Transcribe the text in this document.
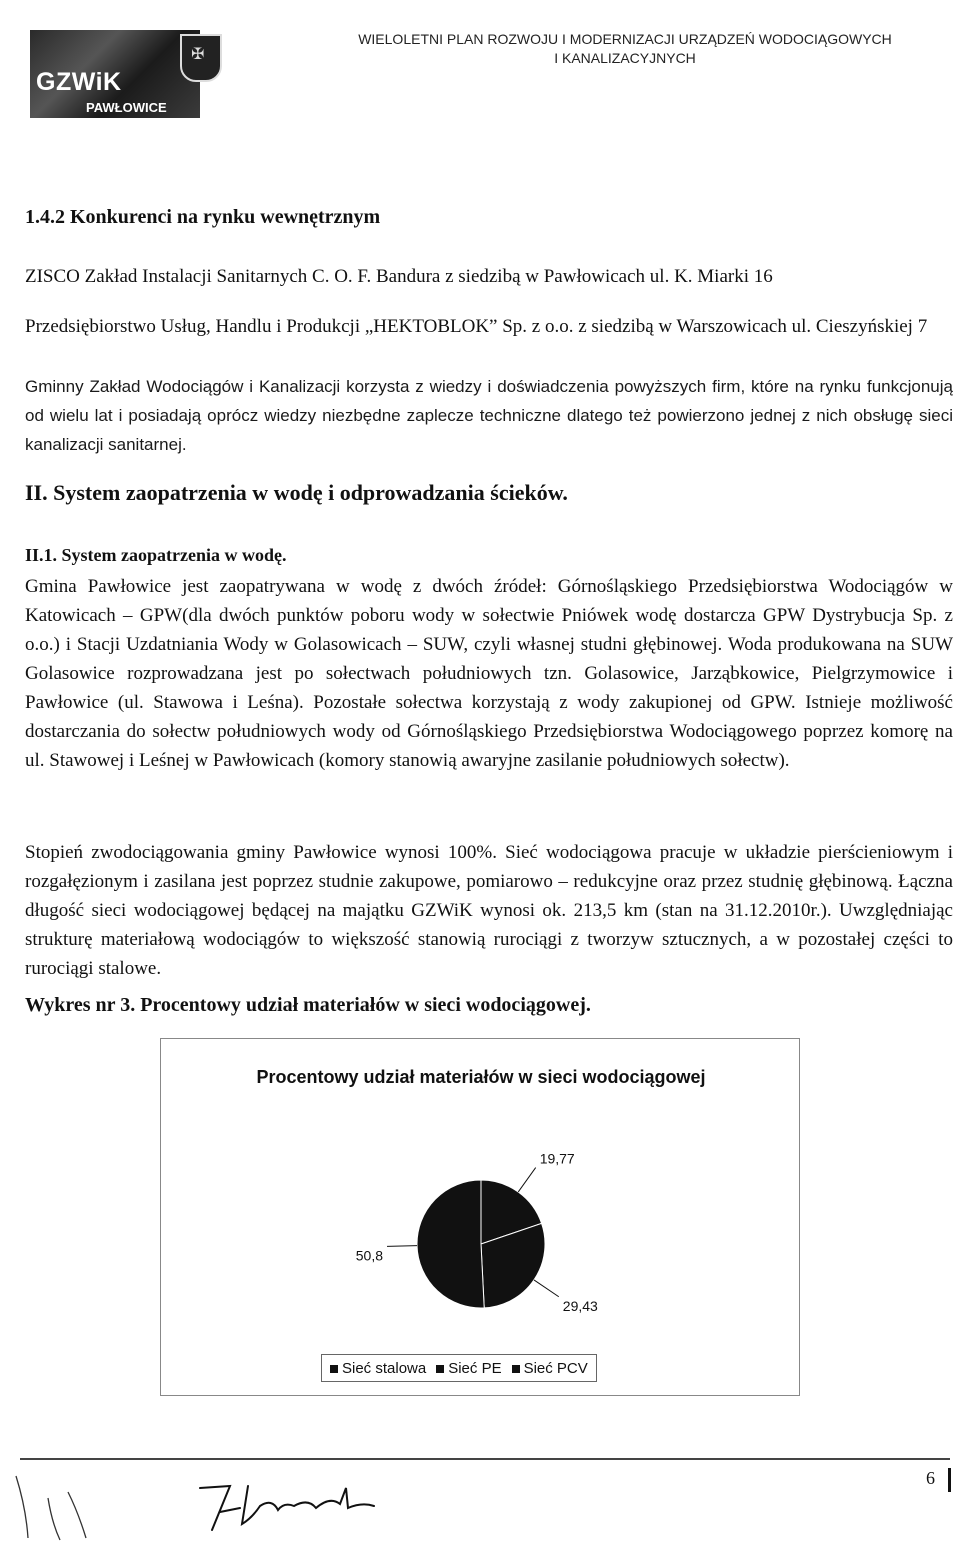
✠
GZWiK
PAWŁOWICE
WIELOLETNI PLAN ROZWOJU I MODERNIZACJI URZĄDZEŃ WODOCIĄGOWYCH
I KANALIZACYJNYCH
1.4.2 Konkurenci na rynku wewnętrznym
ZISCO Zakład Instalacji Sanitarnych C. O. F. Bandura z siedzibą w Pawłowicach ul. K. Miarki 16
Przedsiębiorstwo Usług, Handlu i Produkcji „HEKTOBLOK” Sp. z o.o. z siedzibą w Warszowicach ul. Cieszyńskiej 7
Gminny Zakład Wodociągów i Kanalizacji korzysta z wiedzy i doświadczenia powyższych firm, które na rynku funkcjonują od wielu lat i posiadają oprócz wiedzy niezbędne zaplecze techniczne dlatego też powierzono jednej z nich obsługę sieci kanalizacji sanitarnej.
II. System zaopatrzenia w wodę i odprowadzania ścieków.
II.1. System zaopatrzenia w wodę.
Gmina Pawłowice jest zaopatrywana w wodę z dwóch źródeł: Górnośląskiego Przedsiębiorstwa Wodociągów w Katowicach – GPW(dla dwóch punktów poboru wody w sołectwie Pniówek wodę dostarcza GPW Dystrybucja Sp. z o.o.) i Stacji Uzdatniania Wody w Golasowicach – SUW, czyli własnej studni głębinowej. Woda produkowana na SUW Golasowice rozprowadzana jest po sołectwach południowych tzn. Golasowice, Jarząbkowice, Pielgrzymowice i Pawłowice (ul. Stawowa i Leśna). Pozostałe sołectwa korzystają z wody zakupionej od GPW. Istnieje możliwość dostarczania do sołectw południowych wody od Górnośląskiego Przedsiębiorstwa Wodociągowego poprzez komorę na ul. Stawowej i Leśnej w Pawłowicach (komory stanowią awaryjne zasilanie południowych sołectw).
Stopień zwodociągowania gminy Pawłowice wynosi 100%. Sieć wodociągowa pracuje w układzie pierścieniowym i rozgałęzionym i zasilana jest poprzez studnie zakupowe, pomiarowo – redukcyjne oraz przez studnię głębinową. Łączna długość sieci wodociągowej będącej na majątku GZWiK wynosi ok. 213,5 km (stan na 31.12.2010r.). Uwzględniając strukturę materiałową wodociągów to większość stanowią rurociągi z tworzyw sztucznych, a w pozostałej części to rurociągi stalowe.
Wykres nr 3. Procentowy udział materiałów w sieci wodociągowej.
Procentowy udział materiałów w sieci wodociągowej
19,77
29,43
50,8
Sieć stalowa	Sieć PE	Sieć PCV
6
